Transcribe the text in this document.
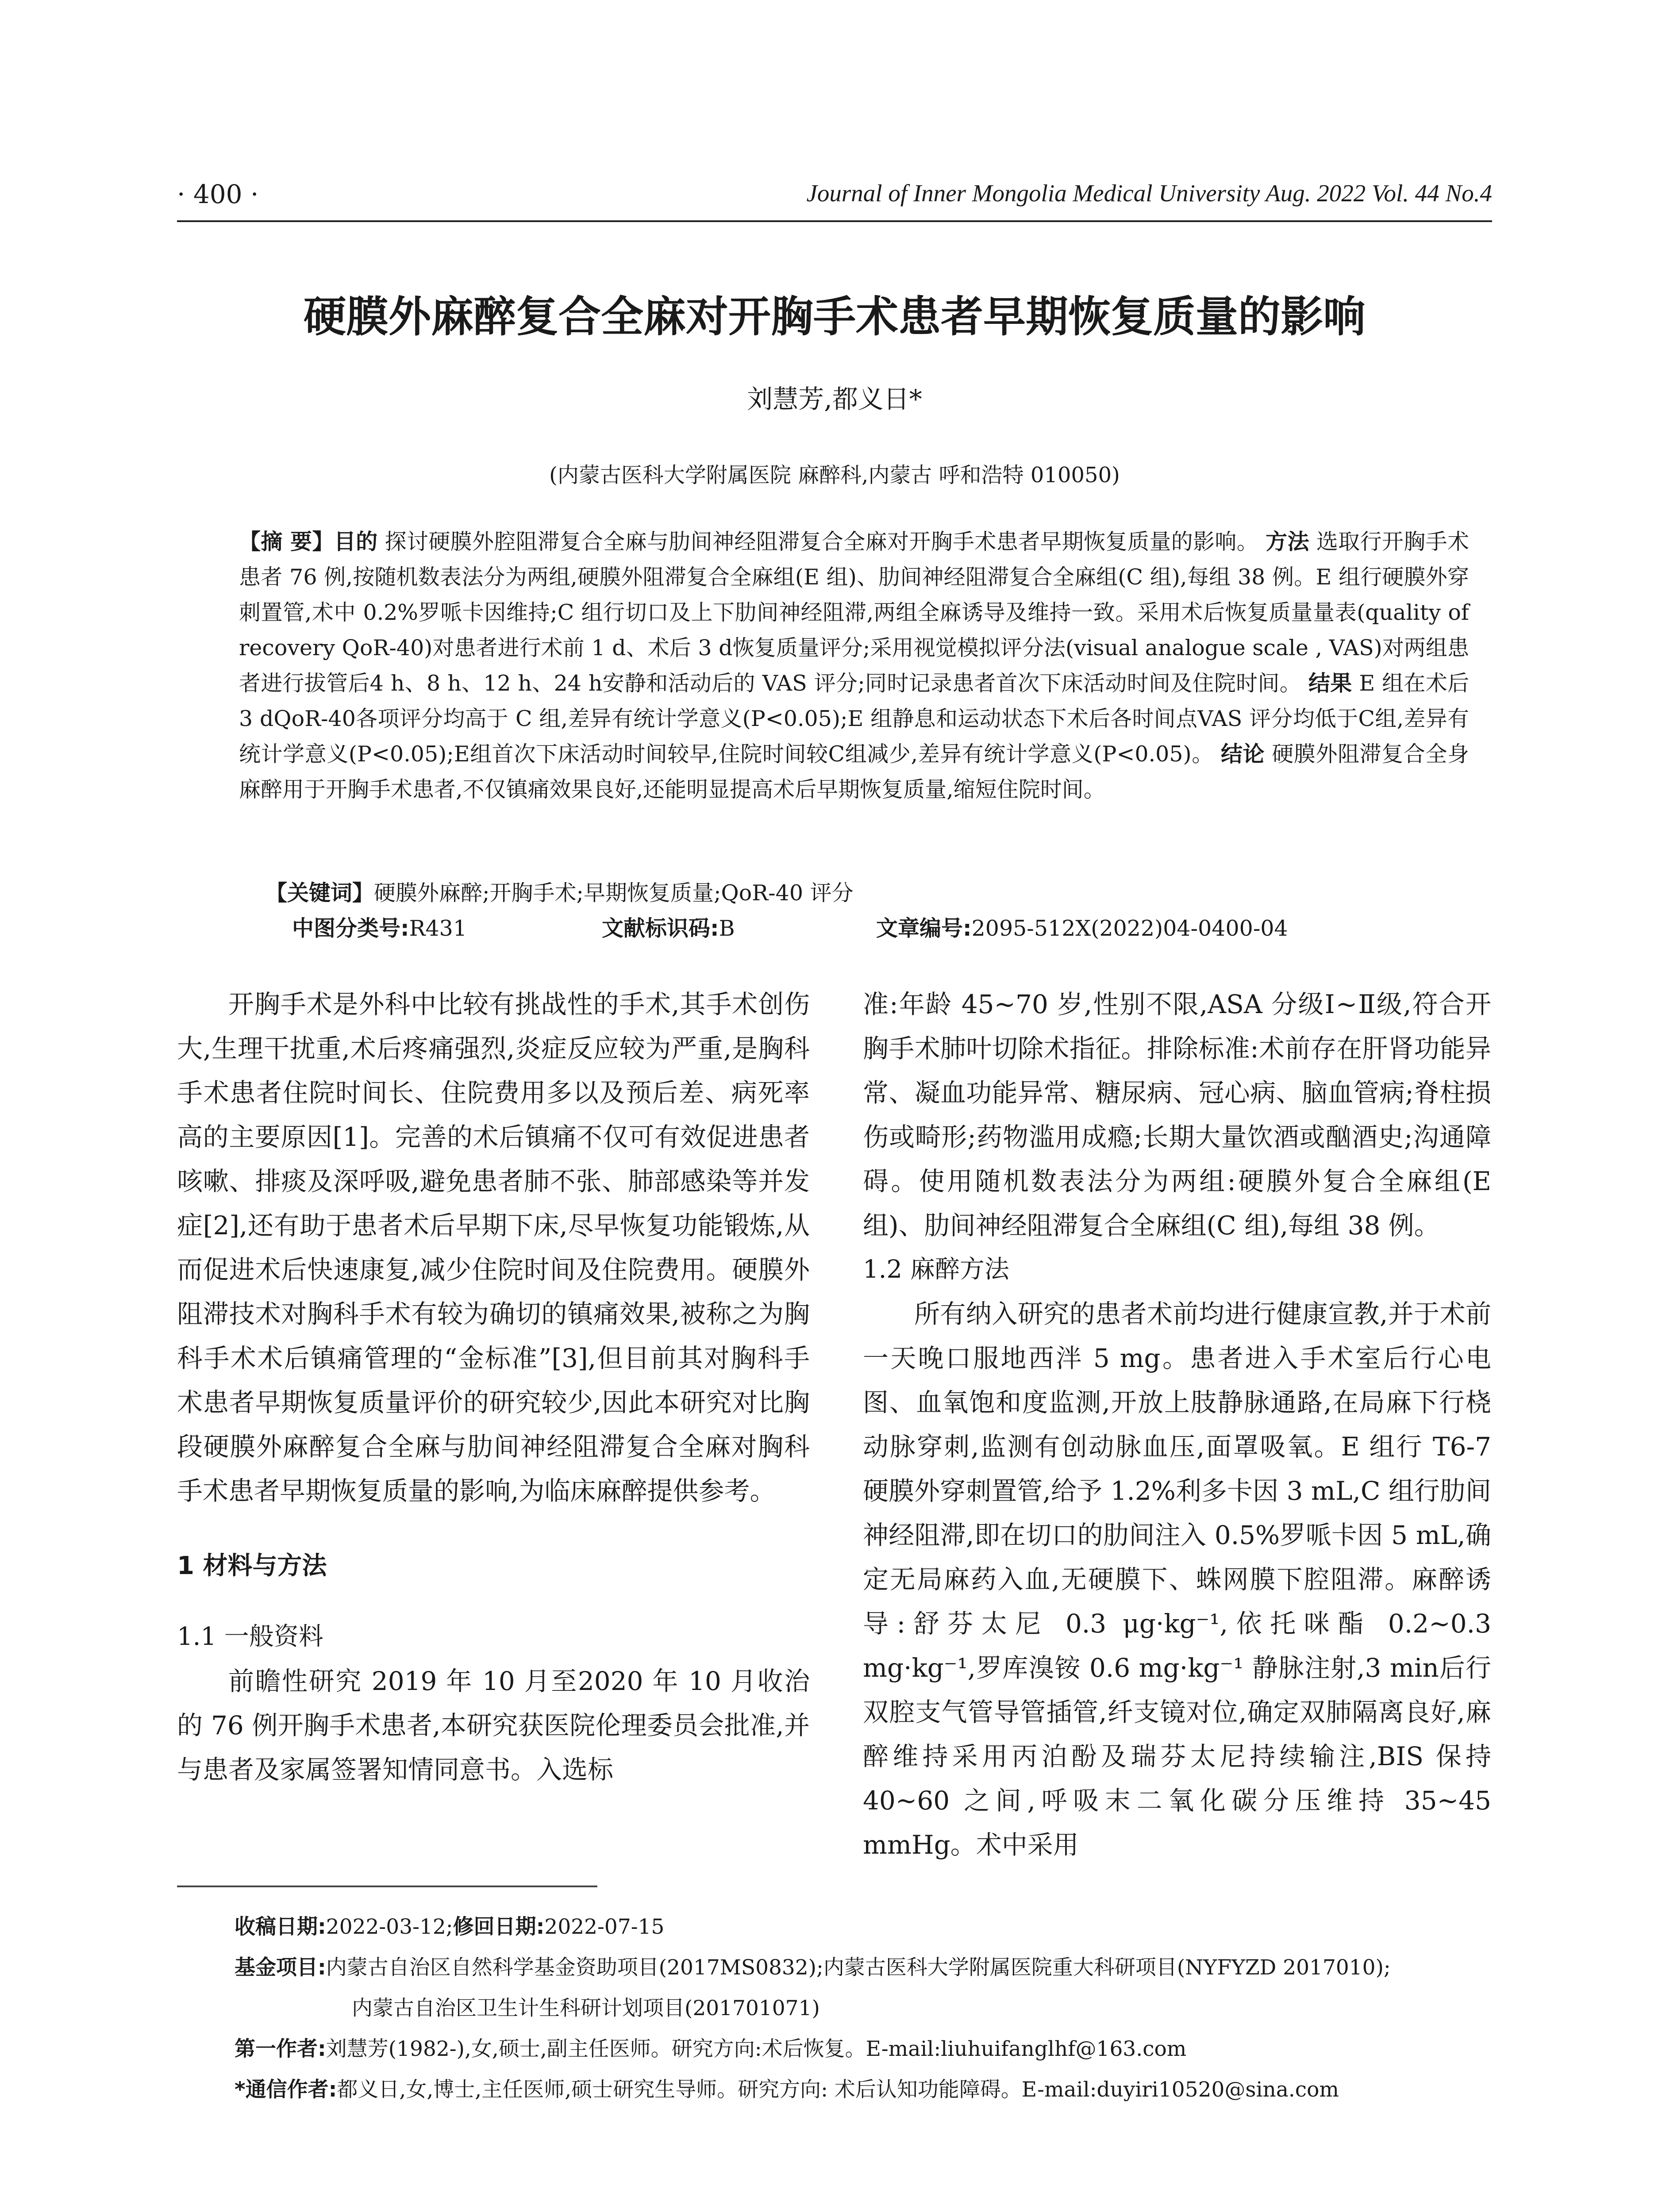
· 400 ·	Journal of Inner Mongolia Medical University Aug. 2022 Vol. 44 No.4
硬膜外麻醉复合全麻对开胸手术患者早期恢复质量的影响
刘慧芳,都义日*
(内蒙古医科大学附属医院 麻醉科,内蒙古 呼和浩特 010050)
【摘 要】目的 探讨硬膜外腔阻滞复合全麻与肋间神经阻滞复合全麻对开胸手术患者早期恢复质量的影响。 方法 选取行开胸手术患者 76 例,按随机数表法分为两组,硬膜外阻滞复合全麻组(E 组)、肋间神经阻滞复合全麻组(C 组),每组 38 例。E 组行硬膜外穿刺置管,术中 0.2%罗哌卡因维持;C 组行切口及上下肋间神经阻滞,两组全麻诱导及维持一致。采用术后恢复质量量表(quality of recovery QoR-40)对患者进行术前 1 d、术后 3 d恢复质量评分;采用视觉模拟评分法(visual analogue scale , VAS)对两组患者进行拔管后4 h、8 h、12 h、24 h安静和活动后的 VAS 评分;同时记录患者首次下床活动时间及住院时间。 结果 E 组在术后 3 dQoR-40各项评分均高于 C 组,差异有统计学意义(P<0.05);E 组静息和运动状态下术后各时间点VAS 评分均低于C组,差异有统计学意义(P<0.05);E组首次下床活动时间较早,住院时间较C组减少,差异有统计学意义(P<0.05)。 结论 硬膜外阻滞复合全身麻醉用于开胸手术患者,不仅镇痛效果良好,还能明显提高术后早期恢复质量,缩短住院时间。
【关键词】硬膜外麻醉;开胸手术;早期恢复质量;QoR-40 评分
中图分类号:R431	文献标识码:B	文章编号:2095-512X(2022)04-0400-04

开胸手术是外科中比较有挑战性的手术,其手术创伤大,生理干扰重,术后疼痛强烈,炎症反应较为严重,是胸科手术患者住院时间长、住院费用多以及预后差、病死率高的主要原因[1]。完善的术后镇痛不仅可有效促进患者咳嗽、排痰及深呼吸,避免患者肺不张、肺部感染等并发症[2],还有助于患者术后早期下床,尽早恢复功能锻炼,从而促进术后快速康复,减少住院时间及住院费用。硬膜外阻滞技术对胸科手术有较为确切的镇痛效果,被称之为胸科手术术后镇痛管理的“金标准”[3],但目前其对胸科手术患者早期恢复质量评价的研究较少,因此本研究对比胸段硬膜外麻醉复合全麻与肋间神经阻滞复合全麻对胸科手术患者早期恢复质量的影响,为临床麻醉提供参考。

1 材料与方法
1.1 一般资料

前瞻性研究 2019 年 10 月至2020 年 10 月收治的 76 例开胸手术患者,本研究获医院伦理委员会批准,并与患者及家属签署知情同意书。入选标

准:年龄 45~70 岁,性别不限,ASA 分级Ⅰ~Ⅱ级,符合开胸手术肺叶切除术指征。排除标准:术前存在肝肾功能异常、凝血功能异常、糖尿病、冠心病、脑血管病;脊柱损伤或畸形;药物滥用成瘾;长期大量饮酒或酗酒史;沟通障碍。使用随机数表法分为两组:硬膜外复合全麻组(E 组)、肋间神经阻滞复合全麻组(C 组),每组 38 例。

1.2 麻醉方法

所有纳入研究的患者术前均进行健康宣教,并于术前一天晚口服地西泮 5 mg。患者进入手术室后行心电图、血氧饱和度监测,开放上肢静脉通路,在局麻下行桡动脉穿刺,监测有创动脉血压,面罩吸氧。E 组行 T6-7 硬膜外穿刺置管,给予 1.2%利多卡因 3 mL,C 组行肋间神经阻滞,即在切口的肋间注入 0.5%罗哌卡因 5 mL,确定无局麻药入血,无硬膜下、蛛网膜下腔阻滞。麻醉诱导:舒芬太尼 0.3 μg·kg⁻¹,依托咪酯 0.2~0.3 mg·kg⁻¹,罗库溴铵 0.6 mg·kg⁻¹ 静脉注射,3 min后行双腔支气管导管插管,纤支镜对位,确定双肺隔离良好,麻醉维持采用丙泊酚及瑞芬太尼持续输注,BIS 保持 40~60 之间,呼吸末二氧化碳分压维持 35~45 mmHg。术中采用

收稿日期:2022-03-12;修回日期:2022-07-15
基金项目:内蒙古自治区自然科学基金资助项目(2017MS0832);内蒙古医科大学附属医院重大科研项目(NYFYZD 2017010);
内蒙古自治区卫生计生科研计划项目(201701071)
第一作者:刘慧芳(1982-),女,硕士,副主任医师。研究方向:术后恢复。E-mail:liuhuifanglhf@163.com
*通信作者:都义日,女,博士,主任医师,硕士研究生导师。研究方向: 术后认知功能障碍。E-mail:duyiri10520@sina.com
